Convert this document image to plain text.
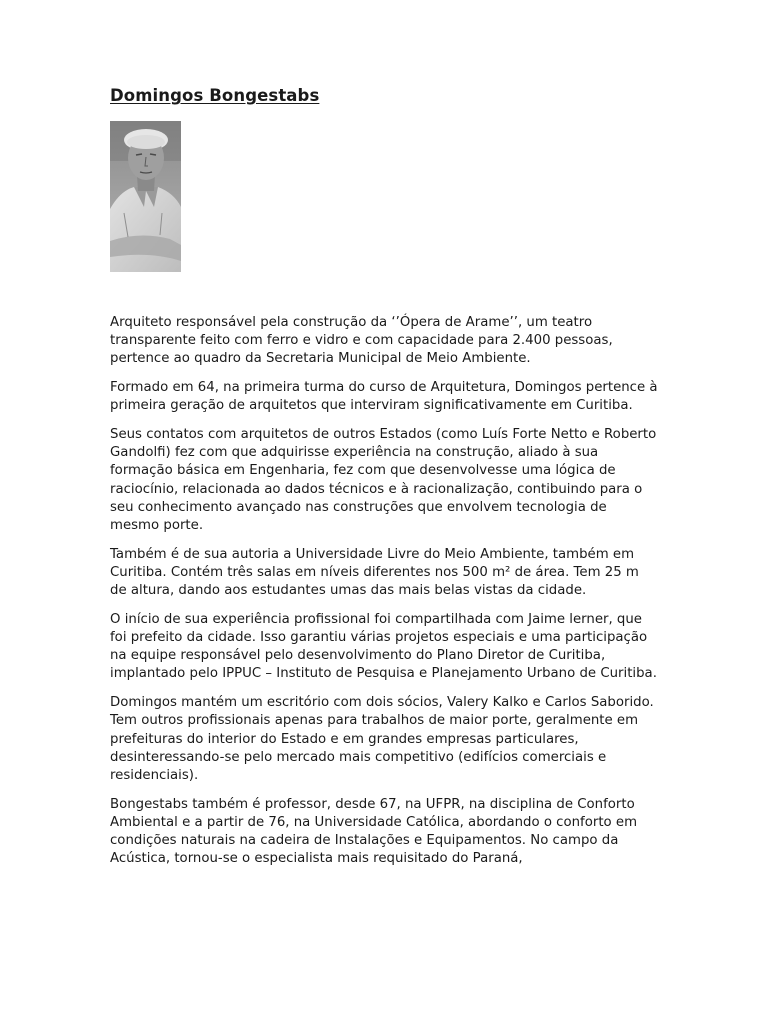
Domingos Bongestabs

Arquiteto responsável pela construção da ‘’Ópera de Arame’’, um teatro transparente feito com ferro e vidro e com capacidade para 2.400 pessoas, pertence ao quadro da Secretaria Municipal de Meio Ambiente.

Formado em 64, na primeira turma do curso de Arquitetura, Domingos pertence à primeira geração de arquitetos que interviram significativamente em Curitiba.

Seus contatos com arquitetos de outros Estados (como Luís Forte Netto e Roberto Gandolfi) fez com que adquirisse experiência na construção, aliado à sua formação básica em Engenharia, fez com que desenvolvesse uma lógica de raciocínio, relacionada ao dados técnicos e à racionalização, contibuindo para o seu conhecimento avançado nas construções que envolvem tecnologia de mesmo porte.

Também é de sua autoria a Universidade Livre do Meio Ambiente, também em Curitiba. Contém três salas em níveis diferentes nos 500 m² de área. Tem 25 m de altura, dando aos estudantes umas das mais belas vistas da cidade.

O início de sua experiência profissional foi compartilhada com Jaime lerner, que foi prefeito da cidade. Isso garantiu várias projetos especiais e uma participação na equipe responsável pelo desenvolvimento do Plano Diretor de Curitiba, implantado pelo IPPUC – Instituto de Pesquisa e Planejamento Urbano de Curitiba.

Domingos mantém um escritório com dois sócios, Valery Kalko e Carlos Saborido. Tem outros profissionais apenas para trabalhos de maior porte, geralmente em prefeituras do interior do Estado e em grandes empresas particulares, desinteressando-se pelo mercado mais competitivo (edifícios comerciais e residenciais).

Bongestabs também é professor, desde 67, na UFPR, na disciplina de Conforto Ambiental e a partir de 76, na Universidade Católica, abordando o conforto em condições naturais na cadeira de Instalações e Equipamentos. No campo da Acústica, tornou-se o especialista mais requisitado do Paraná,
